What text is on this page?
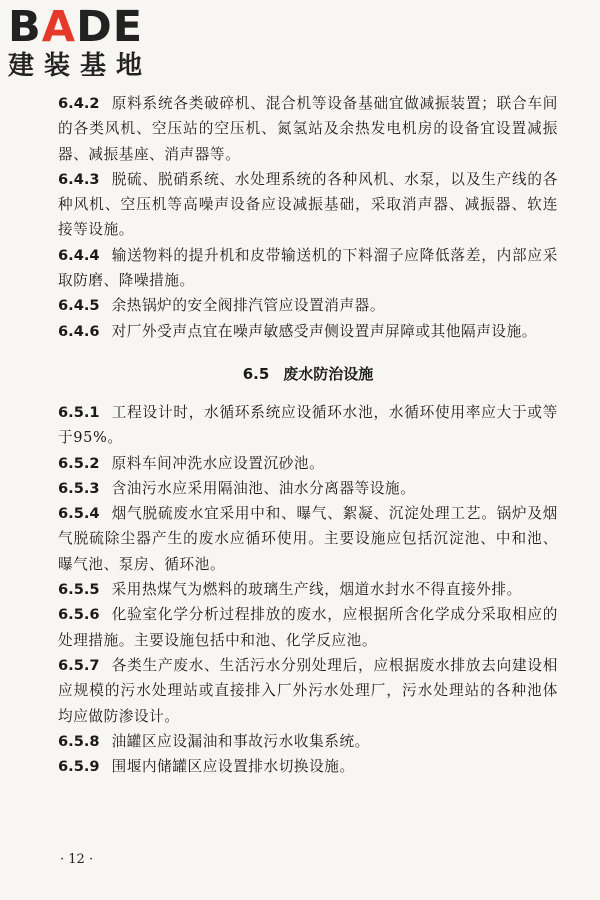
BADE
建装基地

6.4.2 原料系统各类破碎机、混合机等设备基础宜做减振装置；联合车间的各类风机、空压站的空压机、氮氢站及余热发电机房的设备宜设置减振器、减振基座、消声器等。

6.4.3 脱硫、脱硝系统、水处理系统的各种风机、水泵，以及生产线的各种风机、空压机等高噪声设备应设减振基础，采取消声器、减振器、软连接等设施。

6.4.4 输送物料的提升机和皮带输送机的下料溜子应降低落差，内部应采取防磨、降噪措施。

6.4.5 余热锅炉的安全阀排汽管应设置消声器。

6.4.6 对厂外受声点宜在噪声敏感受声侧设置声屏障或其他隔声设施。

6.5 废水防治设施

6.5.1 工程设计时，水循环系统应设循环水池，水循环使用率应大于或等于95%。

6.5.2 原料车间冲洗水应设置沉砂池。

6.5.3 含油污水应采用隔油池、油水分离器等设施。

6.5.4 烟气脱硫废水宜采用中和、曝气、絮凝、沉淀处理工艺。锅炉及烟气脱硫除尘器产生的废水应循环使用。主要设施应包括沉淀池、中和池、曝气池、泵房、循环池。

6.5.5 采用热煤气为燃料的玻璃生产线，烟道水封水不得直接外排。

6.5.6 化验室化学分析过程排放的废水，应根据所含化学成分采取相应的处理措施。主要设施包括中和池、化学反应池。

6.5.7 各类生产废水、生活污水分别处理后，应根据废水排放去向建设相应规模的污水处理站或直接排入厂外污水处理厂，污水处理站的各种池体均应做防渗设计。

6.5.8 油罐区应设漏油和事故污水收集系统。

6.5.9 围堰内储罐区应设置排水切换设施。

· 12 ·
